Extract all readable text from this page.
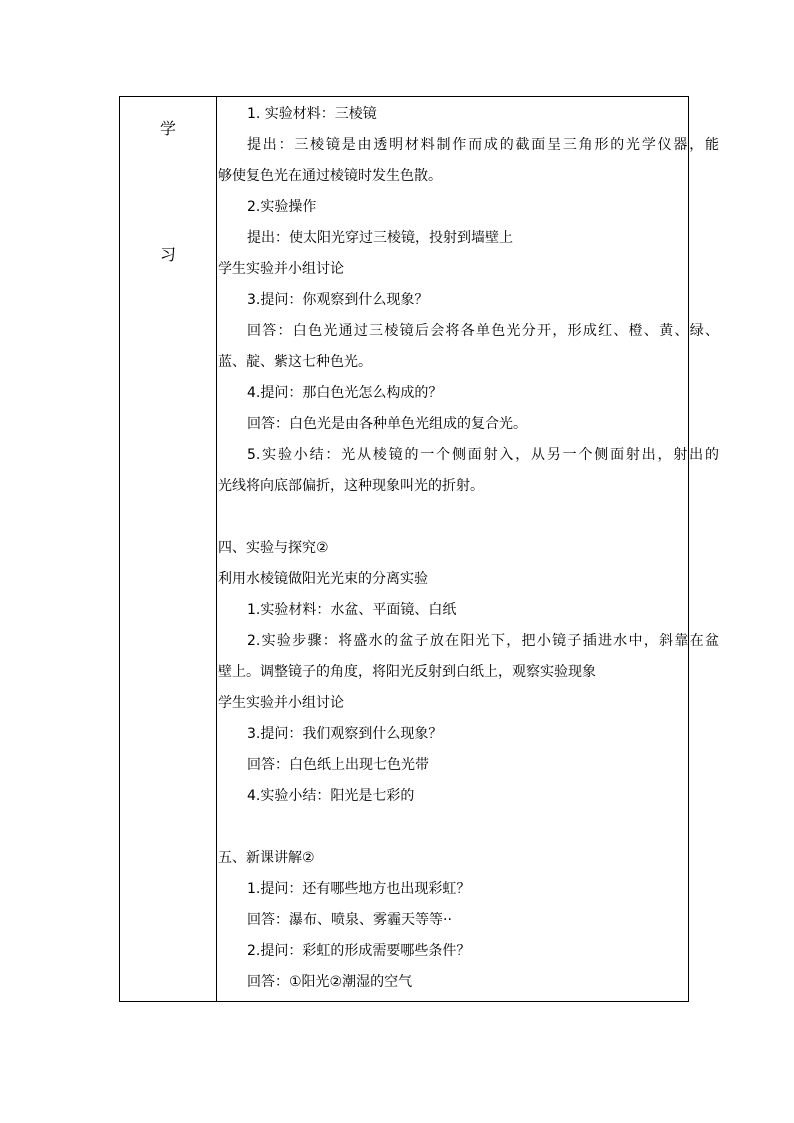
学
习
1. 实验材料：三棱镜
提出：三棱镜是由透明材料制作而成的截面呈三角形的光学仪器，能
够使复色光在通过棱镜时发生色散。
2.实验操作
提出：使太阳光穿过三棱镜，投射到墙壁上
学生实验并小组讨论
3.提问：你观察到什么现象？
回答：白色光通过三棱镜后会将各单色光分开，形成红、橙、黄、绿、
蓝、靛、紫这七种色光。
4.提问：那白色光怎么构成的？
回答：白色光是由各种单色光组成的复合光。
5.实验小结：光从棱镜的一个侧面射入，从另一个侧面射出，射出的
光线将向底部偏折，这种现象叫光的折射。
四、实验与探究②
利用水棱镜做阳光光束的分离实验
1.实验材料：水盆、平面镜、白纸
2.实验步骤：将盛水的盆子放在阳光下，把小镜子插进水中，斜靠在盆
壁上。调整镜子的角度，将阳光反射到白纸上，观察实验现象
学生实验并小组讨论
3.提问：我们观察到什么现象？
回答：白色纸上出现七色光带
4.实验小结：阳光是七彩的
五、新课讲解②
1.提问：还有哪些地方也出现彩虹？
回答：瀑布、喷泉、雾霾天等等··
2.提问：彩虹的形成需要哪些条件？
回答：①阳光②潮湿的空气
